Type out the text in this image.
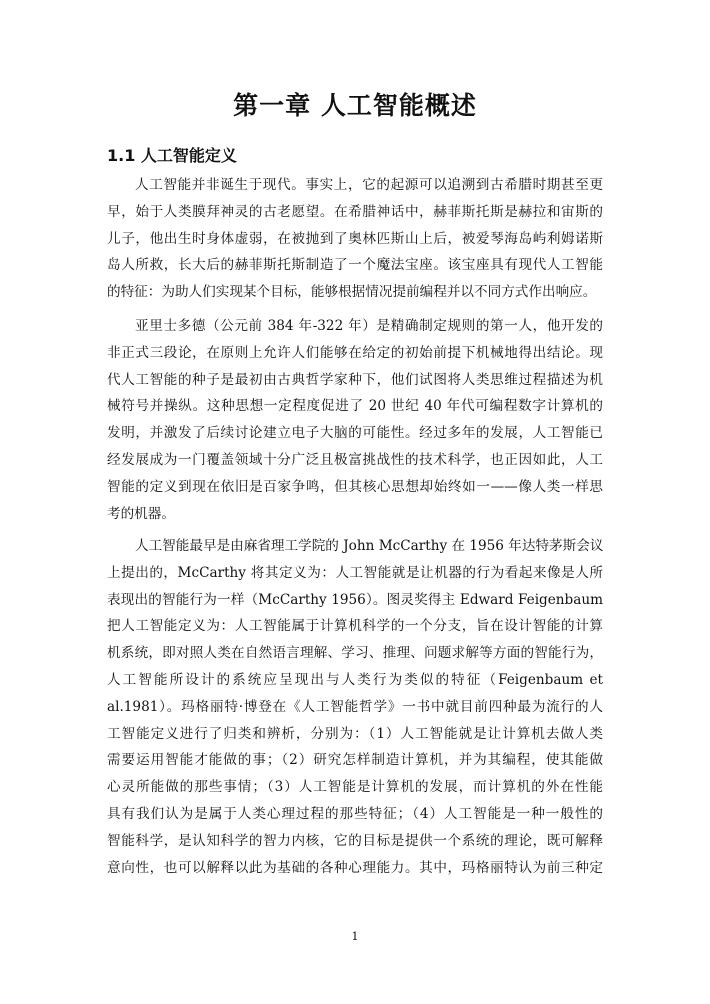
第一章 人工智能概述
1.1 人工智能定义
人工智能并非诞生于现代。事实上，它的起源可以追溯到古希腊时期甚至更
早，始于人类膜拜神灵的古老愿望。在希腊神话中，赫菲斯托斯是赫拉和宙斯的
儿子，他出生时身体虚弱，在被抛到了奥林匹斯山上后，被爱琴海岛屿利姆诺斯
岛人所救，长大后的赫菲斯托斯制造了一个魔法宝座。该宝座具有现代人工智能
的特征：为助人们实现某个目标，能够根据情况提前编程并以不同方式作出响应。
亚里士多德（公元前 384 年-322 年）是精确制定规则的第一人，他开发的
非正式三段论，在原则上允许人们能够在给定的初始前提下机械地得出结论。现
代人工智能的种子是最初由古典哲学家种下，他们试图将人类思维过程描述为机
械符号并操纵。这种思想一定程度促进了 20 世纪 40 年代可编程数字计算机的
发明，并激发了后续讨论建立电子大脑的可能性。经过多年的发展，人工智能已
经发展成为一门覆盖领域十分广泛且极富挑战性的技术科学，也正因如此，人工
智能的定义到现在依旧是百家争鸣，但其核心思想却始终如一——像人类一样思
考的机器。
人工智能最早是由麻省理工学院的 John McCarthy 在 1956 年达特茅斯会议
上提出的，McCarthy 将其定义为：人工智能就是让机器的行为看起来像是人所
表现出的智能行为一样（McCarthy 1956）。图灵奖得主 Edward Feigenbaum
把人工智能定义为：人工智能属于计算机科学的一个分支，旨在设计智能的计算
机系统，即对照人类在自然语言理解、学习、推理、问题求解等方面的智能行为，
人工智能所设计的系统应呈现出与人类行为类似的特征（Feigenbaum et
al.1981）。玛格丽特·博登在《人工智能哲学》一书中就目前四种最为流行的人
工智能定义进行了归类和辨析，分别为：（1）人工智能就是让计算机去做人类
需要运用智能才能做的事；（2）研究怎样制造计算机，并为其编程，使其能做
心灵所能做的那些事情；（3）人工智能是计算机的发展，而计算机的外在性能
具有我们认为是属于人类心理过程的那些特征；（4）人工智能是一种一般性的
智能科学，是认知科学的智力内核，它的目标是提供一个系统的理论，既可解释
意向性，也可以解释以此为基础的各种心理能力。其中，玛格丽特认为前三种定
1
